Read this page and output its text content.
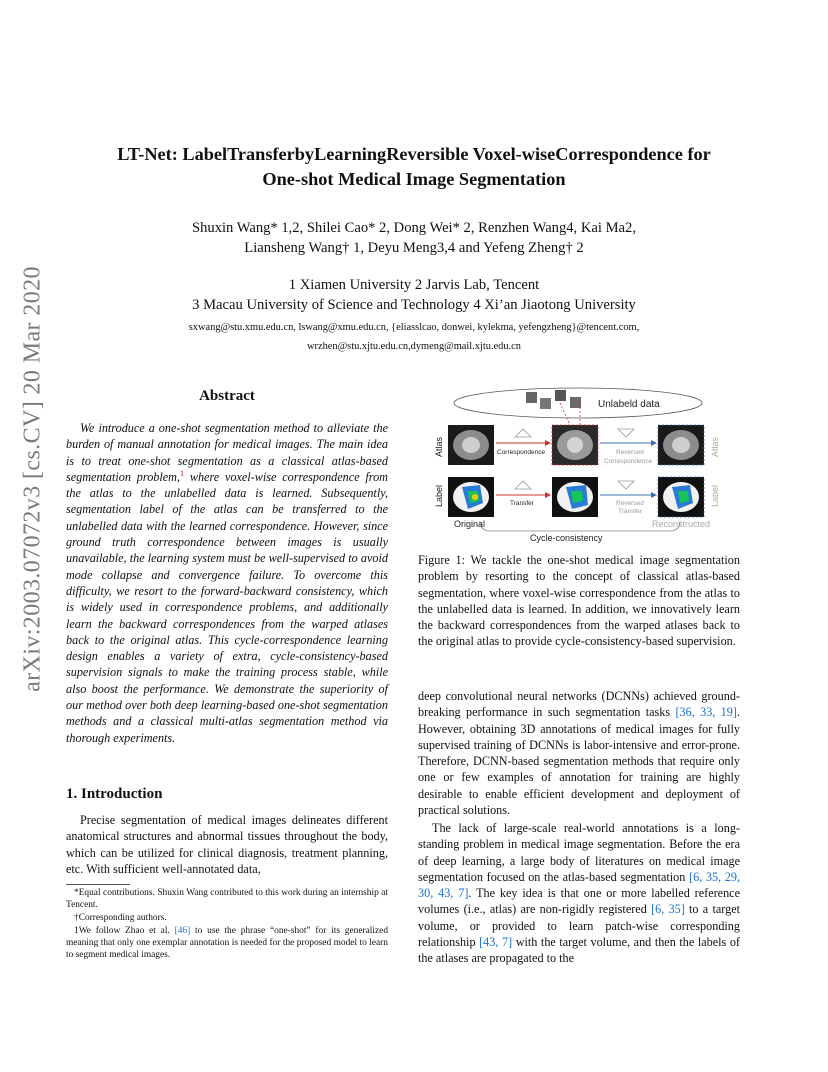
arXiv:2003.07072v3 [cs.CV] 20 Mar 2020
LT-Net: LabelTransferbyLearningReversible Voxel-wiseCorrespondence for
One-shot Medical Image Segmentation
Shuxin Wang* 1,2, Shilei Cao* 2, Dong Wei* 2, Renzhen Wang4, Kai Ma2,
Liansheng Wang† 1, Deyu Meng3,4 and Yefeng Zheng† 2
1 Xiamen University 2 Jarvis Lab, Tencent
3 Macau University of Science and Technology 4 Xi’an Jiaotong University
sxwang@stu.xmu.edu.cn, lswang@xmu.edu.cn, {eliasslcao, donwei, kylekma, yefengzheng}@tencent.com,
wrzhen@stu.xjtu.edu.cn,dymeng@mail.xjtu.edu.cn
Abstract
We introduce a one-shot segmentation method to alleviate the burden of manual annotation for medical images. The main idea is to treat one-shot segmentation as a classical atlas-based segmentation problem,$^1$ where voxel-wise correspondence from the atlas to the unlabelled data is learned. Subsequently, segmentation label of the atlas can be transferred to the unlabelled data with the learned correspondence. However, since ground truth correspondence between images is usually unavailable, the learning system must be well-supervised to avoid mode collapse and convergence failure. To overcome this difficulty, we resort to the forward-backward consistency, which is widely used in correspondence problems, and additionally learn the backward correspondences from the warped atlases back to the original atlas. This cycle-correspondence learning design enables a variety of extra, cycle-consistency-based supervision signals to make the training process stable, while also boost the performance. We demonstrate the superiority of our method over both deep learning-based one-shot segmentation methods and a classical multi-atlas segmentation method via thorough experiments.
1. Introduction
Precise segmentation of medical images delineates different anatomical structures and abnormal tissues throughout the body, which can be utilized for clinical diagnosis, treatment planning, etc. With sufficient well-annotated data,

*Equal contributions. Shuxin Wang contributed to this work during an internship at Tencent.

†Corresponding authors.

1We follow Zhao et al. [46] to use the phrase “one-shot” for its generalized meaning that only one exemplar annotation is needed for the proposed model to learn to segment medical images.

Unlabeld data
Atlas
Label
Atlas
Label
Correspondence	Reversed
Correspondence
Transfer	Reversed
Transfer
Original	Reconstructed
Cycle-consistency
Figure 1: We tackle the one-shot medical image segmentation problem by resorting to the concept of classical atlas-based segmentation, where voxel-wise correspondence from the atlas to the unlabelled data is learned. In addition, we innovatively learn the backward correspondences from the warped atlases back to the original atlas to provide cycle-consistency-based supervision.
deep convolutional neural networks (DCNNs) achieved ground-breaking performance in such segmentation tasks [36, 33, 19]. However, obtaining 3D annotations of medical images for fully supervised training of DCNNs is labor-intensive and error-prone. Therefore, DCNN-based segmentation methods that require only one or few examples of annotation for training are highly desirable to enable efficient development and deployment of practical solutions.
The lack of large-scale real-world annotations is a long-standing problem in medical image segmentation. Before the era of deep learning, a large body of literatures on medical image segmentation focused on the atlas-based segmentation [6, 35, 29, 30, 43, 7]. The key idea is that one or more labelled reference volumes (i.e., atlas) are non-rigidly registered [6, 35] to a target volume, or provided to learn patch-wise corresponding relationship [43, 7] with the target volume, and then the labels of the atlases are propagated to the
